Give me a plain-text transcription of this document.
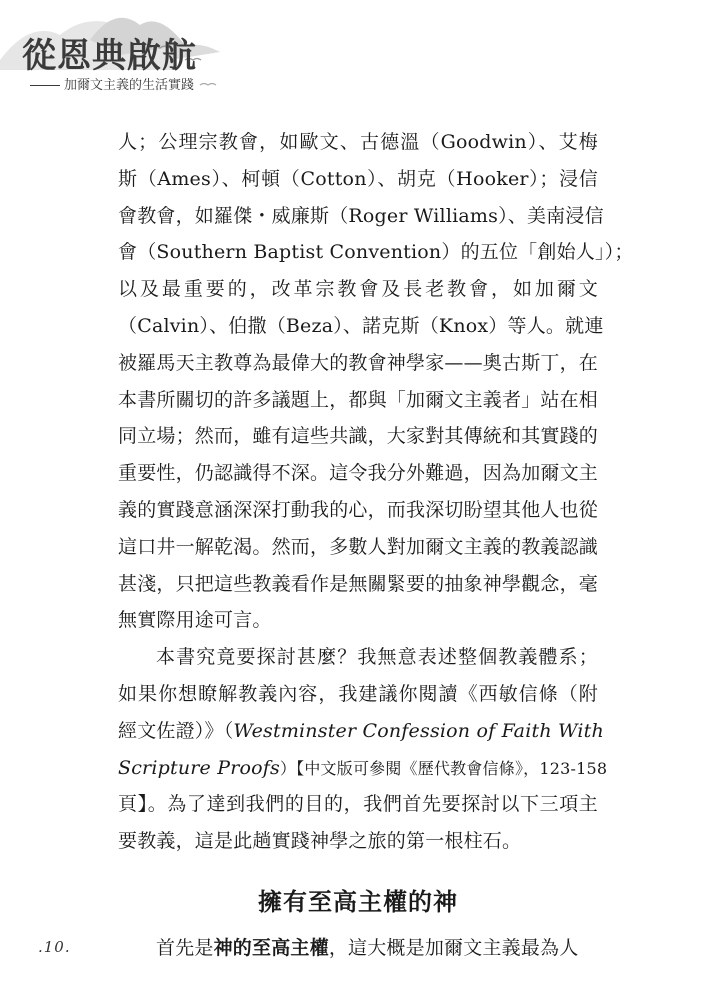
從恩典啟航
加爾文主義的生活實踐
人；公理宗教會，如歐文、古德溫（Goodwin）、艾梅
斯（Ames）、柯頓（Cotton）、胡克（Hooker）；浸信
會教會，如羅傑・威廉斯（Roger Williams）、美南浸信
會（Southern Baptist Convention）的五位「創始人」）；
以及最重要的，改革宗教會及長老教會，如加爾文
（Calvin）、伯撒（Beza）、諾克斯（Knox）等人。就連
被羅馬天主教尊為最偉大的教會神學家——奧古斯丁，在
本書所關切的許多議題上，都與「加爾文主義者」站在相
同立場；然而，雖有這些共識，大家對其傳統和其實踐的
重要性，仍認識得不深。這令我分外難過，因為加爾文主
義的實踐意涵深深打動我的心，而我深切盼望其他人也從
這口井一解乾渴。然而，多數人對加爾文主義的教義認識
甚淺，只把這些教義看作是無關緊要的抽象神學觀念，毫
無實際用途可言。
本書究竟要探討甚麼？我無意表述整個教義體系；
如果你想瞭解教義內容，我建議你閱讀《西敏信條（附
經文佐證）》（Westminster Confession of Faith With
Scripture Proofs）【中文版可參閱《歷代教會信條》，123-158
頁】。為了達到我們的目的，我們首先要探討以下三項主
要教義，這是此趟實踐神學之旅的第一根柱石。
擁有至高主權的神
首先是神的至高主權，這大概是加爾文主義最為人
.10.
